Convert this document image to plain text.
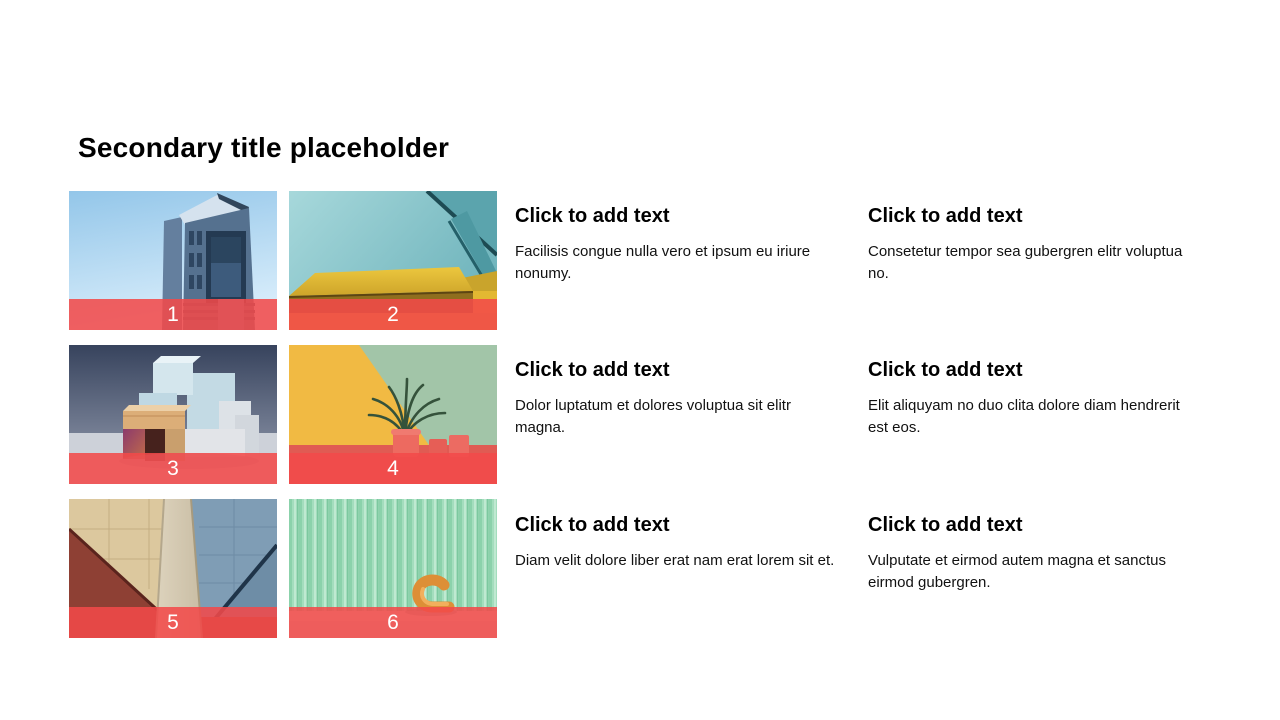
Secondary title placeholder
1	2
3	4
5	6
Click to add text

Facilisis congue nulla vero et ipsum eu iriure nonumy.

Click to add text

Consetetur tempor sea gubergren elitr voluptua no.

Click to add text

Dolor luptatum et dolores voluptua sit elitr magna.

Click to add text

Elit aliquyam no duo clita dolore diam hendrerit est eos.

Click to add text

Diam velit dolore liber erat nam erat lorem sit et.

Click to add text

Vulputate et eirmod autem magna et sanctus eirmod gubergren.
